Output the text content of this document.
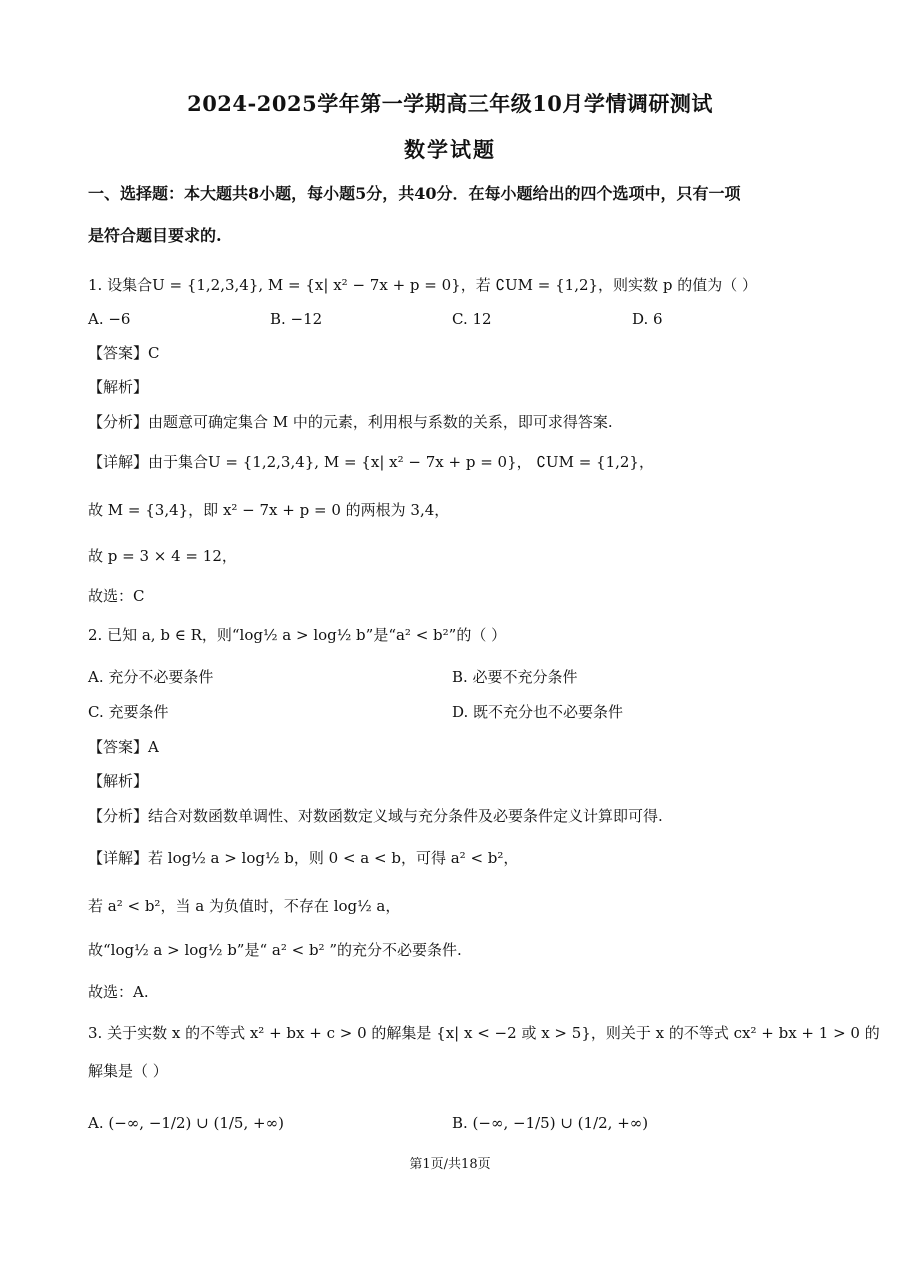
2024-2025学年第一学期高三年级10月学情调研测试
数学试题
一、选择题：本大题共8小题，每小题5分，共40分．在每小题给出的四个选项中，只有一项
是符合题目要求的.
1. 设集合U = {1,2,3,4}, M = {x| x² − 7x + p = 0}，若 ∁UM = {1,2}，则实数 p 的值为（ ）
A. −6	B. −12	C. 12	D. 6
【答案】C
【解析】
【分析】由题意可确定集合 M 中的元素，利用根与系数的关系，即可求得答案.
【详解】由于集合U = {1,2,3,4}, M = {x| x² − 7x + p = 0}， ∁UM = {1,2}，
故 M = {3,4}，即 x² − 7x + p = 0 的两根为 3,4，
故 p = 3 × 4 = 12，
故选：C
2. 已知 a, b ∈ R，则“log½ a > log½ b”是“a² < b²”的（ ）
A. 充分不必要条件	B. 必要不充分条件
C. 充要条件	D. 既不充分也不必要条件
【答案】A
【解析】
【分析】结合对数函数单调性、对数函数定义域与充分条件及必要条件定义计算即可得.
【详解】若 log½ a > log½ b，则 0 < a < b，可得 a² < b²，
若 a² < b²，当 a 为负值时，不存在 log½ a，
故“log½ a > log½ b”是“ a² < b² ”的充分不必要条件.
故选：A.
3. 关于实数 x 的不等式 x² + bx + c > 0 的解集是 {x| x < −2 或 x > 5}，则关于 x 的不等式 cx² + bx + 1 > 0 的
解集是（ ）
A. (−∞, −1/2) ∪ (1/5, +∞)	B. (−∞, −1/5) ∪ (1/2, +∞)
第1页/共18页
